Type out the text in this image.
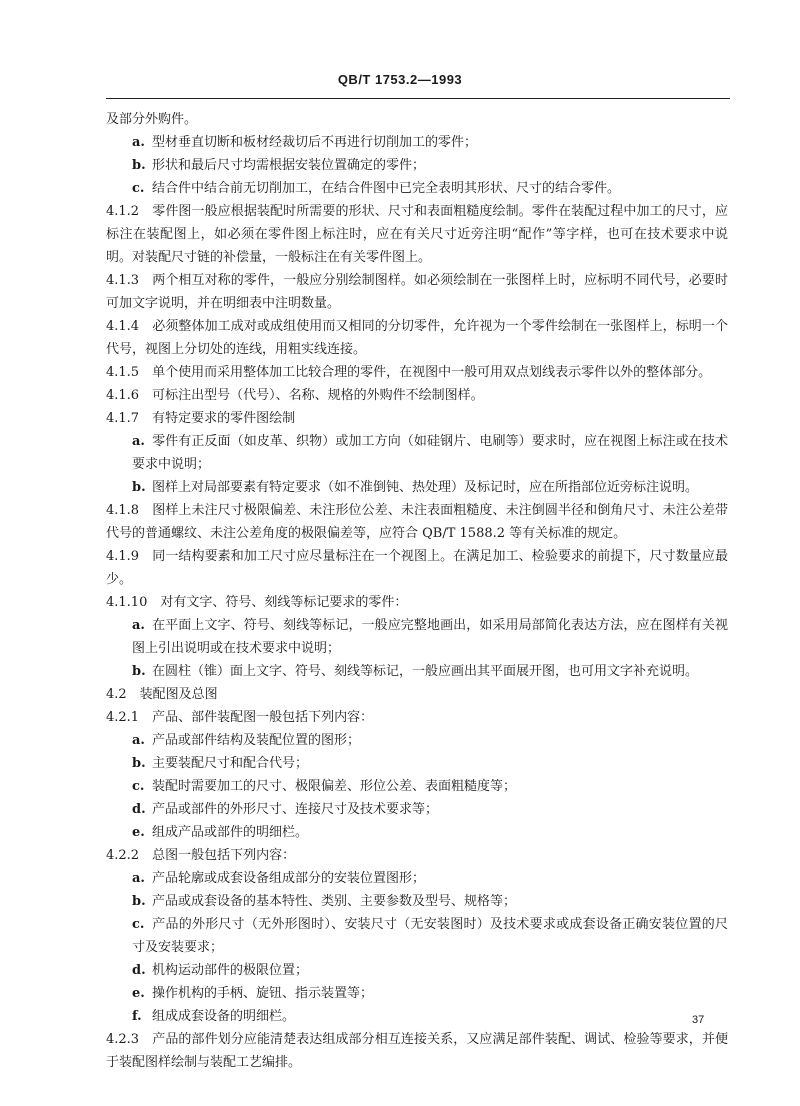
QB/T 1753.2—1993

及部分外购件。

a. 型材垂直切断和板材经裁切后不再进行切削加工的零件；

b. 形状和最后尺寸均需根据安装位置确定的零件；

c. 结合件中结合前无切削加工，在结合件图中已完全表明其形状、尺寸的结合零件。

4.1.2　零件图一般应根据装配时所需要的形状、尺寸和表面粗糙度绘制。零件在装配过程中加工的尺寸，应标注在装配图上，如必须在零件图上标注时，应在有关尺寸近旁注明“配作”等字样，也可在技术要求中说明。对装配尺寸链的补偿量，一般标注在有关零件图上。

4.1.3　两个相互对称的零件，一般应分别绘制图样。如必须绘制在一张图样上时，应标明不同代号，必要时可加文字说明，并在明细表中注明数量。

4.1.4　必须整体加工成对或成组使用而又相同的分切零件，允许视为一个零件绘制在一张图样上，标明一个代号，视图上分切处的连线，用粗实线连接。

4.1.5　单个使用而采用整体加工比较合理的零件，在视图中一般可用双点划线表示零件以外的整体部分。

4.1.6　可标注出型号（代号）、名称、规格的外购件不绘制图样。

4.1.7　有特定要求的零件图绘制

a. 零件有正反面（如皮革、织物）或加工方向（如硅钢片、电刷等）要求时，应在视图上标注或在技术要求中说明；

b. 图样上对局部要素有特定要求（如不准倒钝、热处理）及标记时，应在所指部位近旁标注说明。

4.1.8　图样上未注尺寸极限偏差、未注形位公差、未注表面粗糙度、未注倒圆半径和倒角尺寸、未注公差带代号的普通螺纹、未注公差角度的极限偏差等，应符合 QB/T 1588.2 等有关标准的规定。

4.1.9　同一结构要素和加工尺寸应尽量标注在一个视图上。在满足加工、检验要求的前提下，尺寸数量应最少。

4.1.10　对有文字、符号、刻线等标记要求的零件：

a. 在平面上文字、符号、刻线等标记，一般应完整地画出，如采用局部简化表达方法，应在图样有关视图上引出说明或在技术要求中说明；

b. 在圆柱（锥）面上文字、符号、刻线等标记，一般应画出其平面展开图，也可用文字补充说明。

4.2　装配图及总图

4.2.1　产品、部件装配图一般包括下列内容：

a. 产品或部件结构及装配位置的图形；

b. 主要装配尺寸和配合代号；

c. 装配时需要加工的尺寸、极限偏差、形位公差、表面粗糙度等；

d. 产品或部件的外形尺寸、连接尺寸及技术要求等；

e. 组成产品或部件的明细栏。

4.2.2　总图一般包括下列内容：

a. 产品轮廓或成套设备组成部分的安装位置图形；

b. 产品或成套设备的基本特性、类别、主要参数及型号、规格等；

c. 产品的外形尺寸（无外形图时）、安装尺寸（无安装图时）及技术要求或成套设备正确安装位置的尺寸及安装要求；

d. 机构运动部件的极限位置；

e. 操作机构的手柄、旋钮、指示装置等；

f. 组成成套设备的明细栏。

4.2.3　产品的部件划分应能清楚表达组成部分相互连接关系，又应满足部件装配、调试、检验等要求，并便于装配图样绘制与装配工艺编排。

37
